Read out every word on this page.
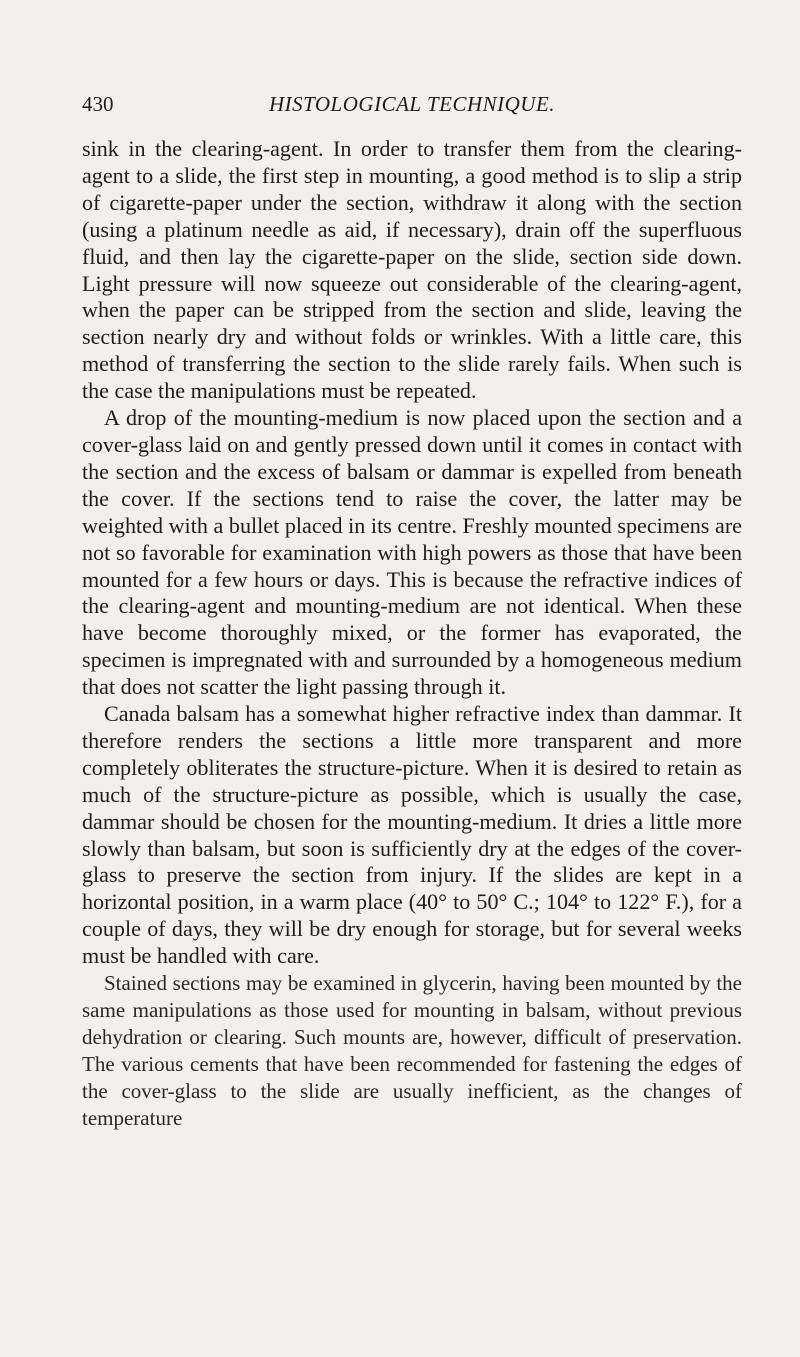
430	HISTOLOGICAL TECHNIQUE.

sink in the clearing-agent. In order to transfer them from the clearing-agent to a slide, the first step in mounting, a good method is to slip a strip of cigarette-paper under the section, withdraw it along with the section (using a platinum needle as aid, if necessary), drain off the superfluous fluid, and then lay the cigarette-paper on the slide, section side down. Light pressure will now squeeze out considerable of the clearing-agent, when the paper can be stripped from the section and slide, leaving the section nearly dry and without folds or wrinkles. With a little care, this method of transferring the section to the slide rarely fails. When such is the case the manipulations must be repeated.

A drop of the mounting-medium is now placed upon the section and a cover-glass laid on and gently pressed down until it comes in contact with the section and the excess of balsam or dammar is expelled from beneath the cover. If the sections tend to raise the cover, the latter may be weighted with a bullet placed in its centre. Freshly mounted specimens are not so favorable for examination with high powers as those that have been mounted for a few hours or days. This is because the refractive indices of the clearing-agent and mounting-medium are not identical. When these have become thoroughly mixed, or the former has evaporated, the specimen is impregnated with and surrounded by a homogeneous medium that does not scatter the light passing through it.

Canada balsam has a somewhat higher refractive index than dammar. It therefore renders the sections a little more transparent and more completely obliterates the structure-picture. When it is desired to retain as much of the structure-picture as possible, which is usually the case, dammar should be chosen for the mounting-medium. It dries a little more slowly than balsam, but soon is sufficiently dry at the edges of the cover-glass to preserve the section from injury. If the slides are kept in a horizontal position, in a warm place (40° to 50° C.; 104° to 122° F.), for a couple of days, they will be dry enough for storage, but for several weeks must be handled with care.

Stained sections may be examined in glycerin, having been mounted by the same manipulations as those used for mounting in balsam, without previous dehydration or clearing. Such mounts are, however, difficult of preservation. The various cements that have been recommended for fastening the edges of the cover-glass to the slide are usually inefficient, as the changes of temperature
